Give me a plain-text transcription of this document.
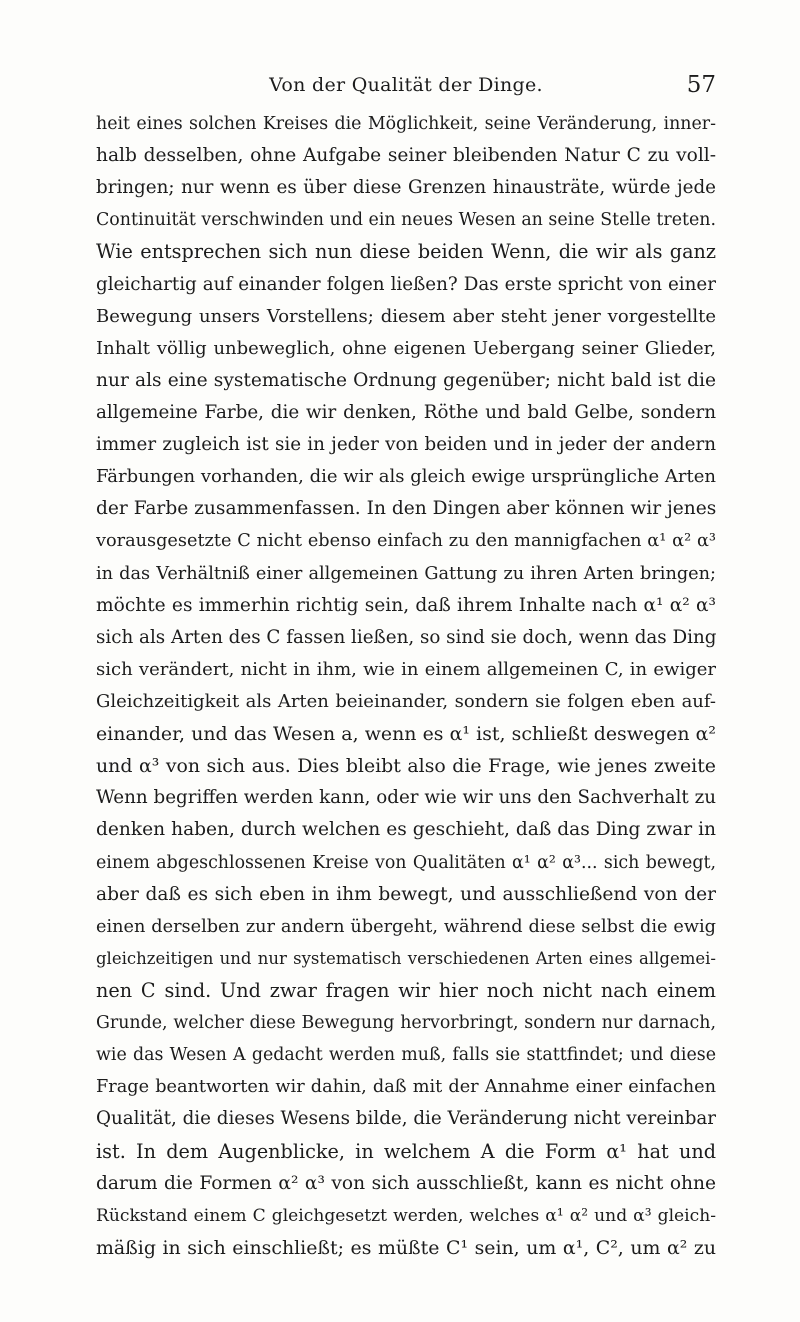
Von der Qualität der Dinge.	57
heit eines solchen Kreises die Möglichkeit, seine Veränderung, inner-
halb desselben, ohne Aufgabe seiner bleibenden Natur C zu voll-
bringen; nur wenn es über diese Grenzen hinausträte, würde jede
Continuität verschwinden und ein neues Wesen an seine Stelle treten.
Wie entsprechen sich nun diese beiden Wenn, die wir als ganz
gleichartig auf einander folgen ließen? Das erste spricht von einer
Bewegung unsers Vorstellens; diesem aber steht jener vorgestellte
Inhalt völlig unbeweglich, ohne eigenen Uebergang seiner Glieder,
nur als eine systematische Ordnung gegenüber; nicht bald ist die
allgemeine Farbe, die wir denken, Röthe und bald Gelbe, sondern
immer zugleich ist sie in jeder von beiden und in jeder der andern
Färbungen vorhanden, die wir als gleich ewige ursprüngliche Arten
der Farbe zusammenfassen. In den Dingen aber können wir jenes
vorausgesetzte C nicht ebenso einfach zu den mannigfachen α¹ α² α³
in das Verhältniß einer allgemeinen Gattung zu ihren Arten bringen;
möchte es immerhin richtig sein, daß ihrem Inhalte nach α¹ α² α³
sich als Arten des C fassen ließen, so sind sie doch, wenn das Ding
sich verändert, nicht in ihm, wie in einem allgemeinen C, in ewiger
Gleichzeitigkeit als Arten beieinander, sondern sie folgen eben auf-
einander, und das Wesen a, wenn es α¹ ist, schließt deswegen α²
und α³ von sich aus. Dies bleibt also die Frage, wie jenes zweite
Wenn begriffen werden kann, oder wie wir uns den Sachverhalt zu
denken haben, durch welchen es geschieht, daß das Ding zwar in
einem abgeschlossenen Kreise von Qualitäten α¹ α² α³... sich bewegt,
aber daß es sich eben in ihm bewegt, und ausschließend von der
einen derselben zur andern übergeht, während diese selbst die ewig
gleichzeitigen und nur systematisch verschiedenen Arten eines allgemei-
nen C sind. Und zwar fragen wir hier noch nicht nach einem
Grunde, welcher diese Bewegung hervorbringt, sondern nur darnach,
wie das Wesen A gedacht werden muß, falls sie stattfindet; und diese
Frage beantworten wir dahin, daß mit der Annahme einer einfachen
Qualität, die dieses Wesens bilde, die Veränderung nicht vereinbar
ist. In dem Augenblicke, in welchem A die Form α¹ hat und
darum die Formen α² α³ von sich ausschließt, kann es nicht ohne
Rückstand einem C gleichgesetzt werden, welches α¹ α² und α³ gleich-
mäßig in sich einschließt; es müßte C¹ sein, um α¹, C², um α² zu
